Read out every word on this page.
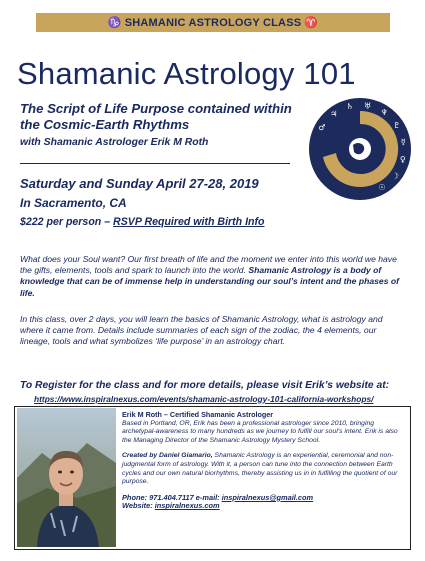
♑ SHAMANIC ASTROLOGY CLASS ♈
Shamanic Astrology 101
The Script of Life Purpose contained within the Cosmic-Earth Rhythms
with Shamanic Astrologer Erik M Roth
♂
♃
♄ ♅
♆
♇
☿
♀
☽
☉
Saturday and Sunday April 27-28, 2019
In Sacramento, CA
$222 per person – RSVP Required with Birth Info
What does your Soul want? Our first breath of life and the moment we enter into this world we have the gifts, elements, tools and spark to launch into the world. Shamanic Astrology is a body of knowledge that can be of immense help in understanding our soul’s intent and the phases of life.
In this class, over 2 days, you will learn the basics of Shamanic Astrology, what is astrology and where it came from. Details include summaries of each sign of the zodiac, the 4 elements, our lineage, tools and what symbolizes ‘life purpose’ in an astrology chart.
To Register for the class and for more details, please visit Erik’s website at:
https://www.inspiralnexus.com/events/shamanic-astrology-101-california-workshops/
Erik M Roth – Certified Shamanic Astrologer
Based in Portland, OR, Erik has been a professional astrologer since 2010, bringing archetypal-awareness to many hundreds as we journey to fulfill our soul’s intent. Erik is also the Managing Director of the Shamanic Astrology Mystery School.
Created by Daniel Giamario, Shamanic Astrology is an experiential, ceremonial and non-judgmental form of astrology. With it, a person can tune into the connection between Earth cycles and our own natural biorhythms, thereby assisting us in in fulfilling the quotient of our purpose.
Phone: 971.404.7117 e-mail: inspiralnexus@gmail.com
Website: inspiralnexus.com
